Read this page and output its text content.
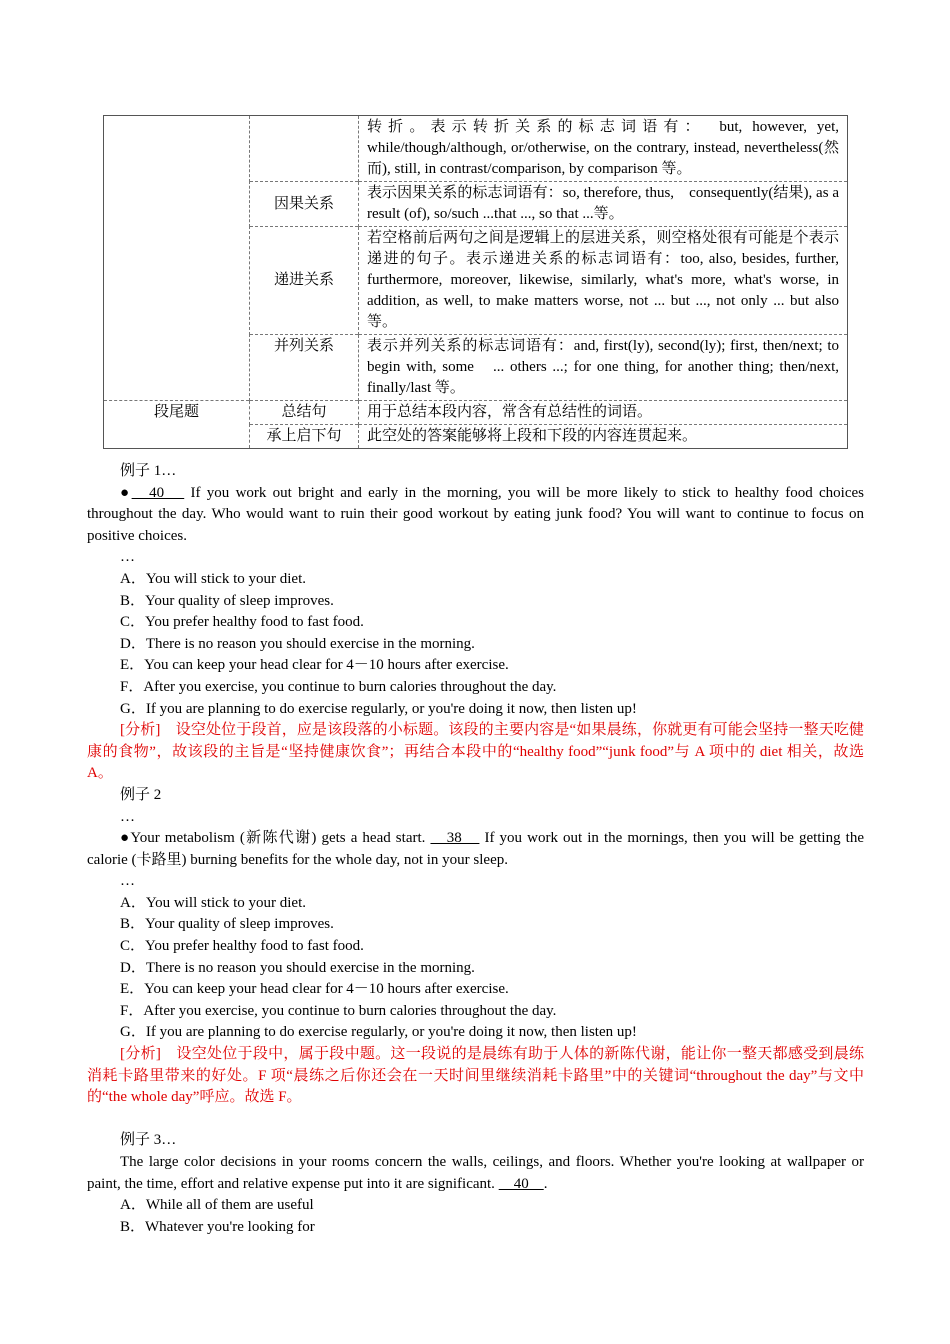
		转折。表示转折关系的标志词语有：　but, however, yet, while/though/although, or/otherwise, on the contrary, instead, nevertheless(然而), still, in contrast/comparison, by comparison 等。
	因果关系	表示因果关系的标志词语有：so, therefore, thus,　consequently(结果), as a result (of), so/such ...that ..., so that ...等。
	递进关系	若空格前后两句之间是逻辑上的层进关系，则空格处很有可能是个表示递进的句子。表示递进关系的标志词语有：too, also, besides, further, furthermore, moreover, likewise, similarly, what's more, what's worse, in addition, as well, to make matters worse, not ... but ..., not only ... but also 等。
	并列关系	表示并列关系的标志词语有：and, first(ly), second(ly); first, then/next; to begin with, some　... others ...; for one thing, for another thing; then/next, finally/last 等。
段尾题	总结句	用于总结本段内容，常含有总结性的词语。
	承上启下句	此空处的答案能够将上段和下段的内容连贯起来。

例子 1…

●　40　 If you work out bright and early in the morning, you will be more likely to stick to healthy food choices throughout the day. Who would want to ruin their good workout by eating junk food? You will want to continue to focus on positive choices.

…

A．You will stick to your diet.

B．Your quality of sleep improves.

C．You prefer healthy food to fast food.

D．There is no reason you should exercise in the morning.

E．You can keep your head clear for 4－10 hours after exercise.

F．After you exercise, you continue to burn calories throughout the day.

G．If you are planning to do exercise regularly, or you're doing it now, then listen up!

[分析]　设空处位于段首，应是该段落的小标题。该段的主要内容是“如果晨练，你就更有可能会坚持一整天吃健康的食物”，故该段的主旨是“坚持健康饮食”；再结合本段中的“healthy food”“junk food”与 A 项中的 diet 相关，故选 A。

例子 2

…

●Your metabolism (新陈代谢) gets a head start. 　38　 If you work out in the mornings, then you will be getting the calorie (卡路里) burning benefits for the whole day, not in your sleep.

…

A．You will stick to your diet.

B．Your quality of sleep improves.

C．You prefer healthy food to fast food.

D．There is no reason you should exercise in the morning.

E．You can keep your head clear for 4－10 hours after exercise.

F．After you exercise, you continue to burn calories throughout the day.

G．If you are planning to do exercise regularly, or you're doing it now, then listen up!

[分析]　设空处位于段中，属于段中题。这一段说的是晨练有助于人体的新陈代谢，能让你一整天都感受到晨练消耗卡路里带来的好处。F 项“晨练之后你还会在一天时间里继续消耗卡路里”中的关键词“throughout the day”与文中的“the whole day”呼应。故选 F。

例子 3…

The large color decisions in your rooms concern the walls, ceilings, and floors. Whether you're looking at wallpaper or paint, the time, effort and relative expense put into it are significant. 　40　.

A．While all of them are useful

B．Whatever you're looking for
